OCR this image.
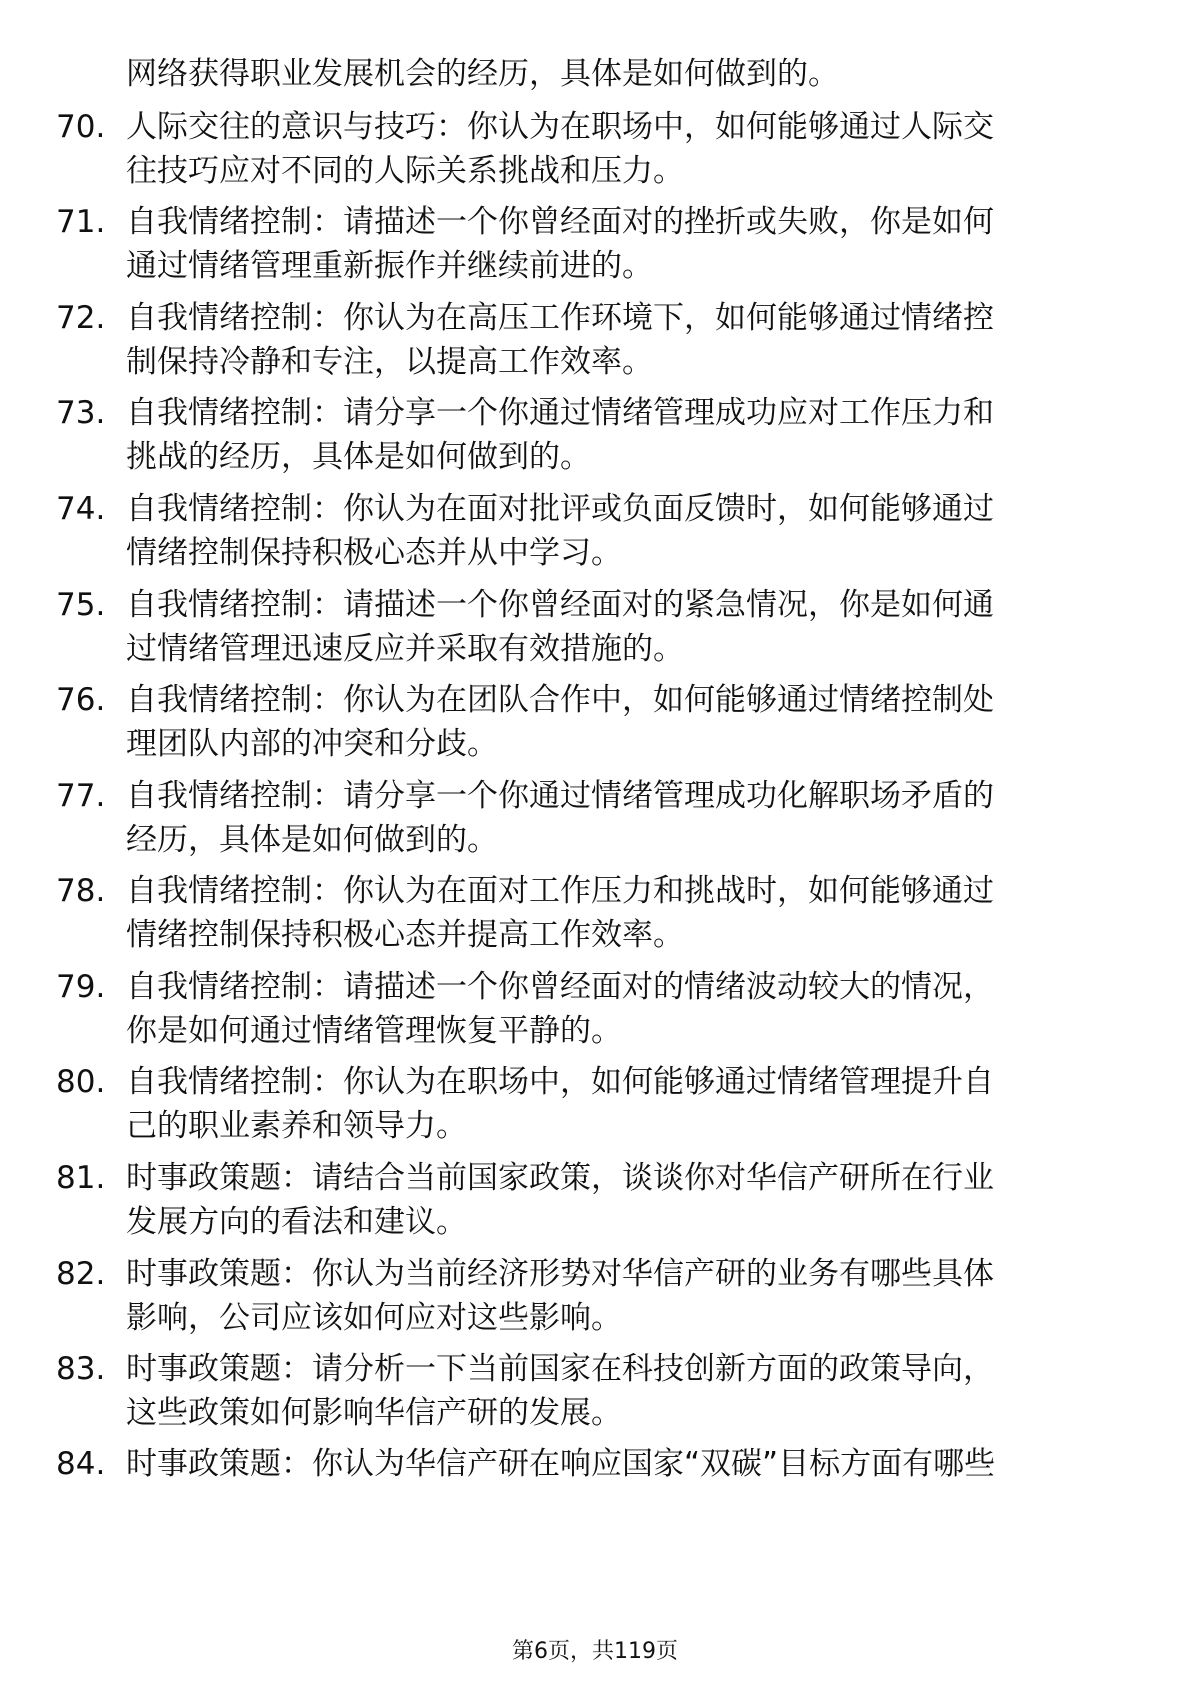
网络获得职业发展机会的经历，具体是如何做到的。
70. 人际交往的意识与技巧：你认为在职场中，如何能够通过人际交
往技巧应对不同的人际关系挑战和压力。
71. 自我情绪控制：请描述一个你曾经面对的挫折或失败，你是如何
通过情绪管理重新振作并继续前进的。
72. 自我情绪控制：你认为在高压工作环境下，如何能够通过情绪控
制保持冷静和专注，以提高工作效率。
73. 自我情绪控制：请分享一个你通过情绪管理成功应对工作压力和
挑战的经历，具体是如何做到的。
74. 自我情绪控制：你认为在面对批评或负面反馈时，如何能够通过
情绪控制保持积极心态并从中学习。
75. 自我情绪控制：请描述一个你曾经面对的紧急情况，你是如何通
过情绪管理迅速反应并采取有效措施的。
76. 自我情绪控制：你认为在团队合作中，如何能够通过情绪控制处
理团队内部的冲突和分歧。
77. 自我情绪控制：请分享一个你通过情绪管理成功化解职场矛盾的
经历，具体是如何做到的。
78. 自我情绪控制：你认为在面对工作压力和挑战时，如何能够通过
情绪控制保持积极心态并提高工作效率。
79. 自我情绪控制：请描述一个你曾经面对的情绪波动较大的情况，
你是如何通过情绪管理恢复平静的。
80. 自我情绪控制：你认为在职场中，如何能够通过情绪管理提升自
己的职业素养和领导力。
81. 时事政策题：请结合当前国家政策，谈谈你对华信产研所在行业
发展方向的看法和建议。
82. 时事政策题：你认为当前经济形势对华信产研的业务有哪些具体
影响，公司应该如何应对这些影响。
83. 时事政策题：请分析一下当前国家在科技创新方面的政策导向，
这些政策如何影响华信产研的发展。
84. 时事政策题：你认为华信产研在响应国家“双碳”目标方面有哪些
第6页，共119页
